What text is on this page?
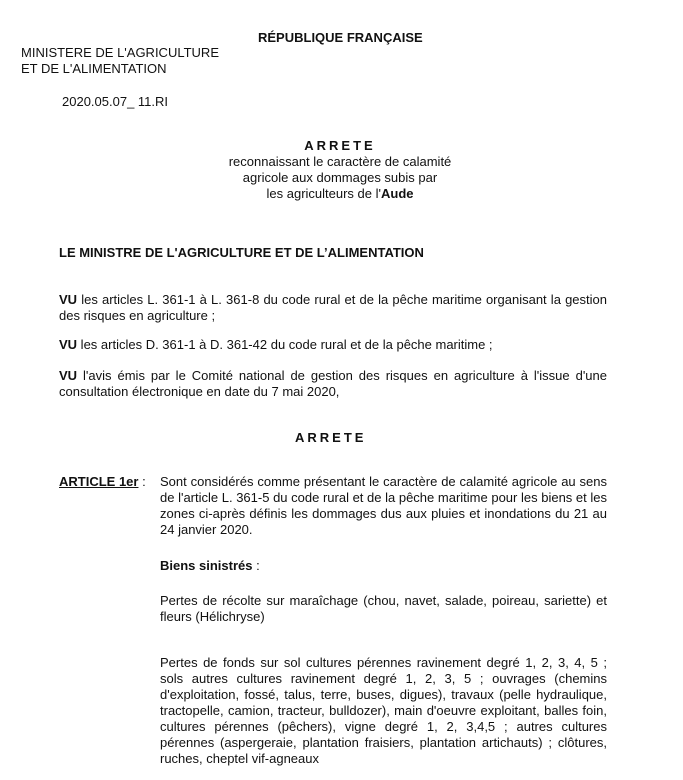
RÉPUBLIQUE FRANÇAISE
MINISTERE DE L'AGRICULTURE
ET DE L'ALIMENTATION
2020.05.07_ 11.RI
ARRETE
reconnaissant le caractère de calamité
agricole aux dommages subis par
les agriculteurs de l'Aude
LE MINISTRE DE L'AGRICULTURE ET DE L’ALIMENTATION
VU les articles L. 361-1 à L. 361-8 du code rural et de la pêche maritime organisant la gestion des risques en agriculture ;
VU les articles D. 361-1 à D. 361-42 du code rural et de la pêche maritime ;
VU l'avis émis par le Comité national de gestion des risques en agriculture à l'issue d'une consultation électronique en date du 7 mai 2020,
ARRETE
ARTICLE 1er : Sont considérés comme présentant le caractère de calamité agricole au sens de l'article L. 361-5 du code rural et de la pêche maritime pour les biens et les zones ci-après définis les dommages dus aux pluies et inondations du 21 au 24 janvier 2020.
Biens sinistrés :
Pertes de récolte sur maraîchage (chou, navet, salade, poireau, sariette) et fleurs (Hélichryse)
Pertes de fonds sur sol cultures pérennes ravinement degré 1, 2, 3, 4, 5 ; sols autres cultures ravinement degré 1, 2, 3, 5 ; ouvrages (chemins d'exploitation, fossé, talus, terre, buses, digues), travaux (pelle hydraulique, tractopelle, camion, tracteur, bulldozer), main d'oeuvre exploitant, balles foin, cultures pérennes (pêchers), vigne degré 1, 2, 3,4,5 ; autres cultures pérennes (aspergeraie, plantation fraisiers, plantation artichauts) ; clôtures, ruches, cheptel vif-agneaux
